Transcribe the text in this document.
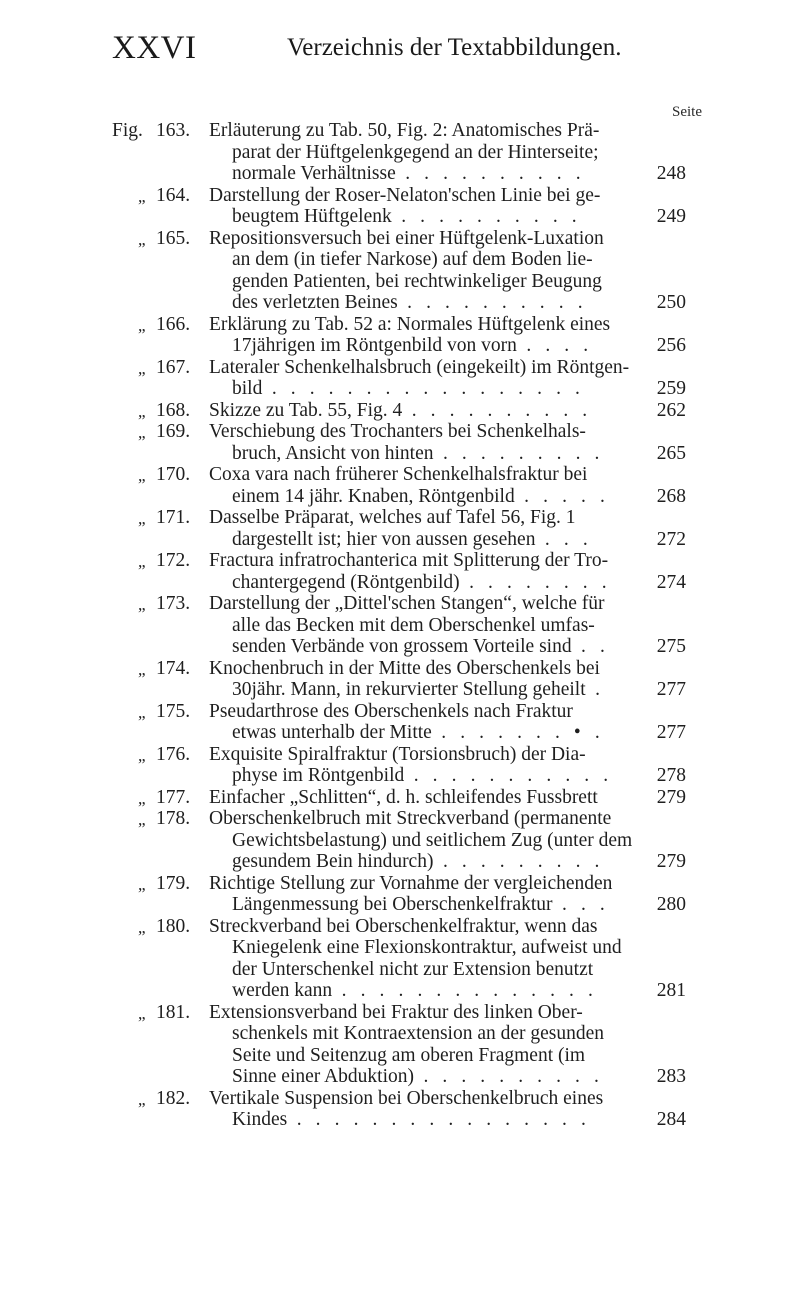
XXVI	Verzeichnis der Textabbildungen.
Seite
Fig. 163. Erläuterung zu Tab. 50, Fig. 2: Anatomisches Prä-
parat der Hüftgelenkgegend an der Hinterseite;
normale Verhältnisse . . . . . . . . . .	248
„ 164. Darstellung der Roser-Nelaton'schen Linie bei ge-
beugtem Hüftgelenk . . . . . . . . . .	249
„ 165. Repositionsversuch bei einer Hüftgelenk-Luxation
an dem (in tiefer Narkose) auf dem Boden lie-
genden Patienten, bei rechtwinkeliger Beugung
des verletzten Beines . . . . . . . . . .	250
„ 166. Erklärung zu Tab. 52 a: Normales Hüftgelenk eines
17jährigen im Röntgenbild von vorn . . . .	256
„ 167. Lateraler Schenkelhalsbruch (eingekeilt) im Röntgen-
bild . . . . . . . . . . . . . . . . .	259
„ 168. Skizze zu Tab. 55, Fig. 4 . . . . . . . . . .	262
„ 169. Verschiebung des Trochanters bei Schenkelhals-
bruch, Ansicht von hinten . . . . . . . . .	265
„ 170. Coxa vara nach früherer Schenkelhalsfraktur bei
einem 14 jähr. Knaben, Röntgenbild . . . . .	268
„ 171. Dasselbe Präparat, welches auf Tafel 56, Fig. 1
dargestellt ist; hier von aussen gesehen . . .	272
„ 172. Fractura infratrochanterica mit Splitterung der Tro-
chantergegend (Röntgenbild) . . . . . . . .	274
„ 173. Darstellung der „Dittel'schen Stangen“, welche für
alle das Becken mit dem Oberschenkel umfas-
senden Verbände von grossem Vorteile sind . .	275
„ 174. Knochenbruch in der Mitte des Oberschenkels bei
30jähr. Mann, in rekurvierter Stellung geheilt .	277
„ 175. Pseudarthrose des Oberschenkels nach Fraktur
etwas unterhalb der Mitte . . . . . . . • .	277
„ 176. Exquisite Spiralfraktur (Torsionsbruch) der Dia-
physe im Röntgenbild . . . . . . . . . . .	278
„ 177. Einfacher „Schlitten“, d. h. schleifendes Fussbrett	279
„ 178. Oberschenkelbruch mit Streckverband (permanente
Gewichtsbelastung) und seitlichem Zug (unter dem
gesundem Bein hindurch) . . . . . . . . .	279
„ 179. Richtige Stellung zur Vornahme der vergleichenden
Längenmessung bei Oberschenkelfraktur . . .	280
„ 180. Streckverband bei Oberschenkelfraktur, wenn das
Kniegelenk eine Flexionskontraktur, aufweist und
der Unterschenkel nicht zur Extension benutzt
werden kann . . . . . . . . . . . . . .	281
„ 181. Extensionsverband bei Fraktur des linken Ober-
schenkels mit Kontraextension an der gesunden
Seite und Seitenzug am oberen Fragment (im
Sinne einer Abduktion) . . . . . . . . . .	283
„ 182. Vertikale Suspension bei Oberschenkelbruch eines
Kindes . . . . . . . . . . . . . . . .	284
